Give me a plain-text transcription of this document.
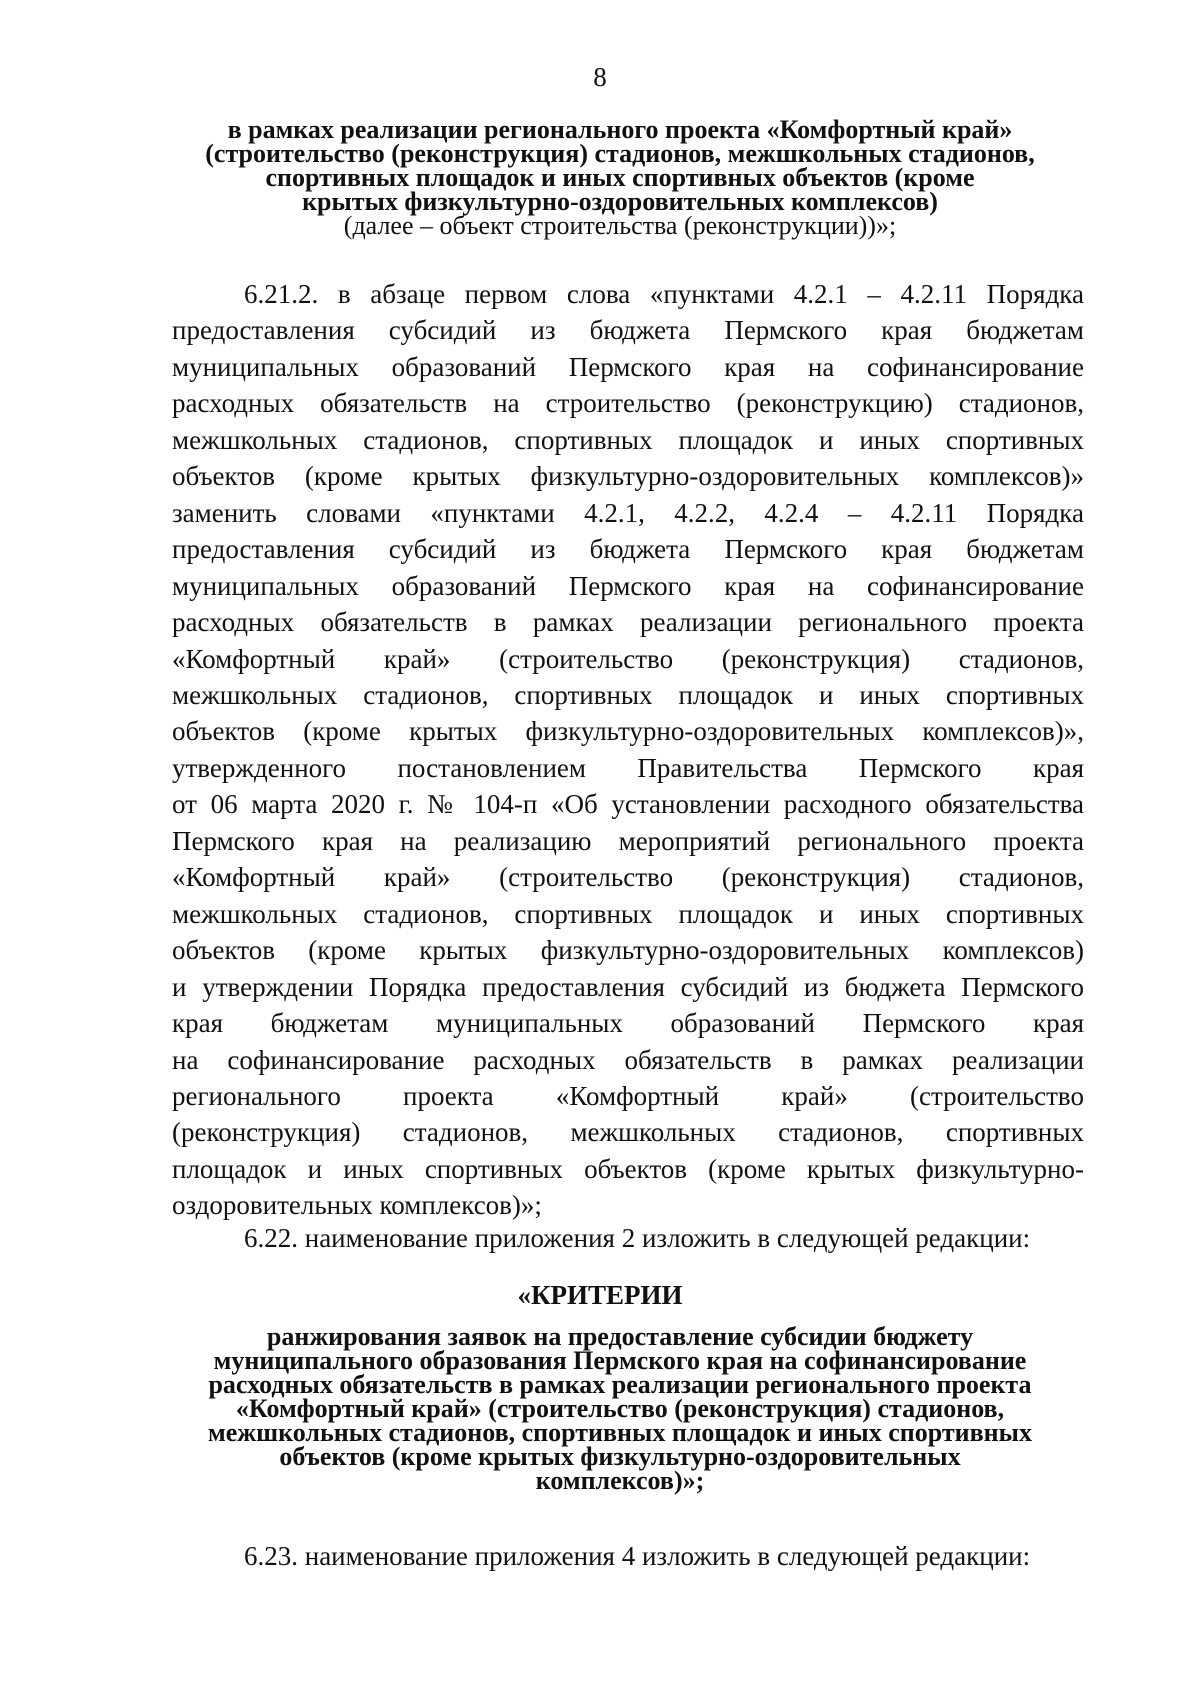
8
в рамках реализации регионального проекта «Комфортный край»
(строительство (реконструкция) стадионов, межшкольных стадионов,
спортивных площадок и иных спортивных объектов (кроме
крытых физкультурно-оздоровительных комплексов)
(далее – объект строительства (реконструкции))»;
6.21.2. в абзаце первом слова «пунктами 4.2.1 – 4.2.11 Порядка
предоставления субсидий из бюджета Пермского края бюджетам
муниципальных образований Пермского края на софинансирование
расходных обязательств на строительство (реконструкцию) стадионов,
межшкольных стадионов, спортивных площадок и иных спортивных
объектов (кроме крытых физкультурно-оздоровительных комплексов)»
заменить словами «пунктами 4.2.1, 4.2.2, 4.2.4 – 4.2.11 Порядка
предоставления субсидий из бюджета Пермского края бюджетам
муниципальных образований Пермского края на софинансирование
расходных обязательств в рамках реализации регионального проекта
«Комфортный край» (строительство (реконструкция) стадионов,
межшкольных стадионов, спортивных площадок и иных спортивных
объектов (кроме крытых физкультурно-оздоровительных комплексов)»,
утвержденного постановлением Правительства Пермского края
от 06 марта 2020 г. № 104-п «Об установлении расходного обязательства
Пермского края на реализацию мероприятий регионального проекта
«Комфортный край» (строительство (реконструкция) стадионов,
межшкольных стадионов, спортивных площадок и иных спортивных
объектов (кроме крытых физкультурно-оздоровительных комплексов)
и утверждении Порядка предоставления субсидий из бюджета Пермского
края бюджетам муниципальных образований Пермского края
на софинансирование расходных обязательств в рамках реализации
регионального проекта «Комфортный край» (строительство
(реконструкция) стадионов, межшкольных стадионов, спортивных
площадок и иных спортивных объектов (кроме крытых физкультурно-
оздоровительных комплексов)»;
6.22. наименование приложения 2 изложить в следующей редакции:
«КРИТЕРИИ
ранжирования заявок на предоставление субсидии бюджету
муниципального образования Пермского края на софинансирование
расходных обязательств в рамках реализации регионального проекта
«Комфортный край» (строительство (реконструкция) стадионов,
межшкольных стадионов, спортивных площадок и иных спортивных
объектов (кроме крытых физкультурно-оздоровительных
комплексов)»;
6.23. наименование приложения 4 изложить в следующей редакции:
